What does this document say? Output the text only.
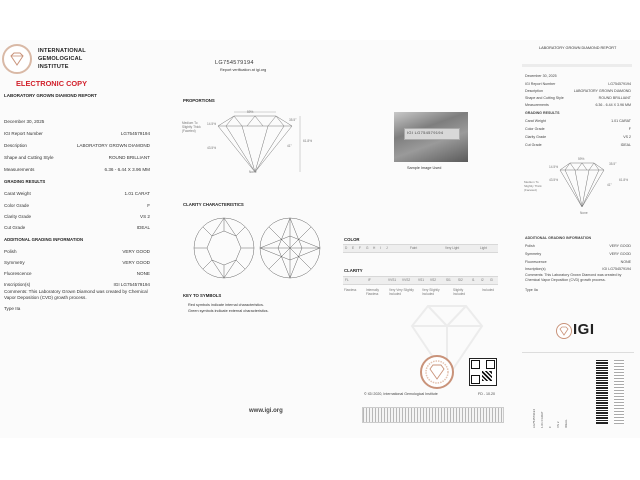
INTERNATIONAL
GEMOLOGICAL
INSTITUTE
ELECTRONIC COPY
LABORATORY GROWN DIAMOND REPORT
December 30, 2025
IGI Report Number	LG754579194
Description	LABORATORY GROWN DIAMOND
Shape and Cutting Style	ROUND BRILLIANT
Measurements	6.36 - 6.44 X 3.96 MM
GRADING RESULTS
Carat Weight	1.01 CARAT
Color Grade	F
Clarity Grade	VS 2
Cut Grade	IDEAL
ADDITIONAL GRADING INFORMATION
Polish	VERY GOOD
Symmetry	VERY GOOD
Fluorescence	NONE
Inscription(s)	IGI LG754579194
Comments: This Laboratory Grown Diamond was created by Chemical Vapor Deposition (CVD) growth process.
Type IIa
LG754579194
Report verification at igi.org
PROPORTIONS
59%
35.5°
14.5%
Medium To
Slightly Thick
(Faceted)
43.5%	41°
61.8%
None
IGI LG754579194
Sample Image Used
CLARITY CHARACTERISTICS
KEY TO SYMBOLS
Red symbols indicate internal characteristics.
Green symbols indicate external characteristics.
www.igi.org
COLOR
D E F G H I J	Faint	Very Light	Light
CLARITY
FL	IF	VVS1 VVS2 VS1 VS2	SI1 SI2	I1 I2 I3
Flawless	Internally Flawless
Very Very Slightly Included
Very Slightly Included
Slightly Included
Included
© IGI 2020, International Gemological Institute	FD - 10.20
LABORATORY GROWN DIAMOND REPORT
December 30, 2025
IGI Report Number	LG754579194
Description	LABORATORY GROWN DIAMOND
Shape and Cutting Style	ROUND BRILLIANT
Measurements	6.36 - 6.44 X 3.96 MM
GRADING RESULTS
Carat Weight	1.01 CARAT
Color Grade	F
Clarity Grade	VS 2
Cut Grade	IDEAL
59%
35.5°
14.5%
Medium To
Slightly Thick
(Faceted)
43.5%
41°
61.8%
None
ADDITIONAL GRADING INFORMATION
Polish	VERY GOOD
Symmetry	VERY GOOD
Fluorescence	NONE
Inscription(s)	IGI LG754579194
Comments: This Laboratory Grown Diamond was created by Chemical Vapor Deposition (CVD) growth process.
Type IIa
IGI
LG754579194 1.01 CARAT F VS 2 IDEAL
